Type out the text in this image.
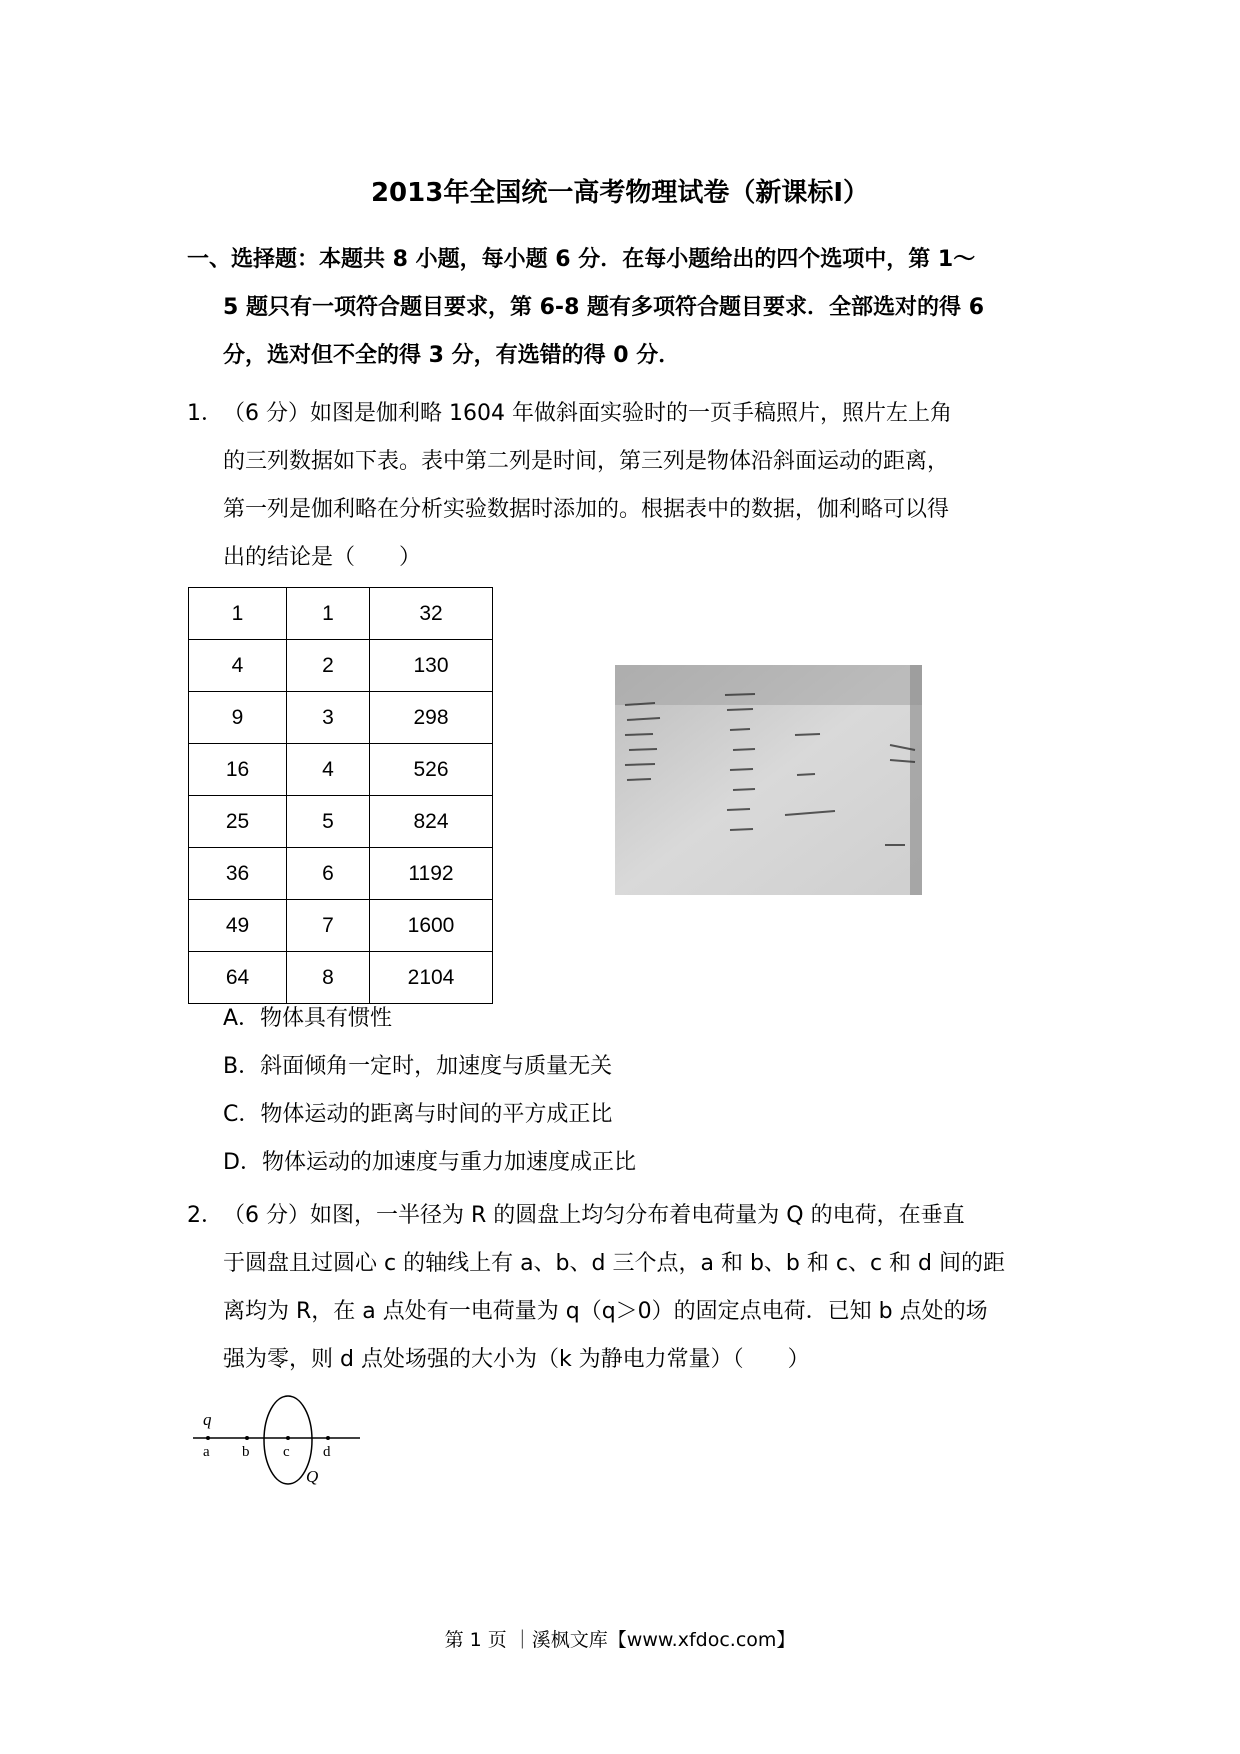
2013年全国统一高考物理试卷（新课标Ⅰ）
一、选择题：本题共 8 小题，每小题 6 分．在每小题给出的四个选项中，第 1～
5 题只有一项符合题目要求，第 6-8 题有多项符合题目要求．全部选对的得 6
分，选对但不全的得 3 分，有选错的得 0 分．
1．（6 分）如图是伽利略 1604 年做斜面实验时的一页手稿照片，照片左上角
的三列数据如下表。表中第二列是时间，第三列是物体沿斜面运动的距离，
第一列是伽利略在分析实验数据时添加的。根据表中的数据，伽利略可以得
出的结论是（　　）
1	1	32
4	2	130
9	3	298
16	4	526
25	5	824
36	6	1192
49	7	1600
64	8	2104
A．物体具有惯性
B．斜面倾角一定时，加速度与质量无关
C．物体运动的距离与时间的平方成正比
D．物体运动的加速度与重力加速度成正比
2．（6 分）如图，一半径为 R 的圆盘上均匀分布着电荷量为 Q 的电荷，在垂直
于圆盘且过圆心 c 的轴线上有 a、b、d 三个点，a 和 b、b 和 c、c 和 d 间的距
离均为 R，在 a 点处有一电荷量为 q（q＞0）的固定点电荷．已知 b 点处的场
强为零，则 d 点处场强的大小为（k 为静电力常量）（　　）
q
a b c d
Q
第 1 页 ｜溪枫文库【www.xfdoc.com】
